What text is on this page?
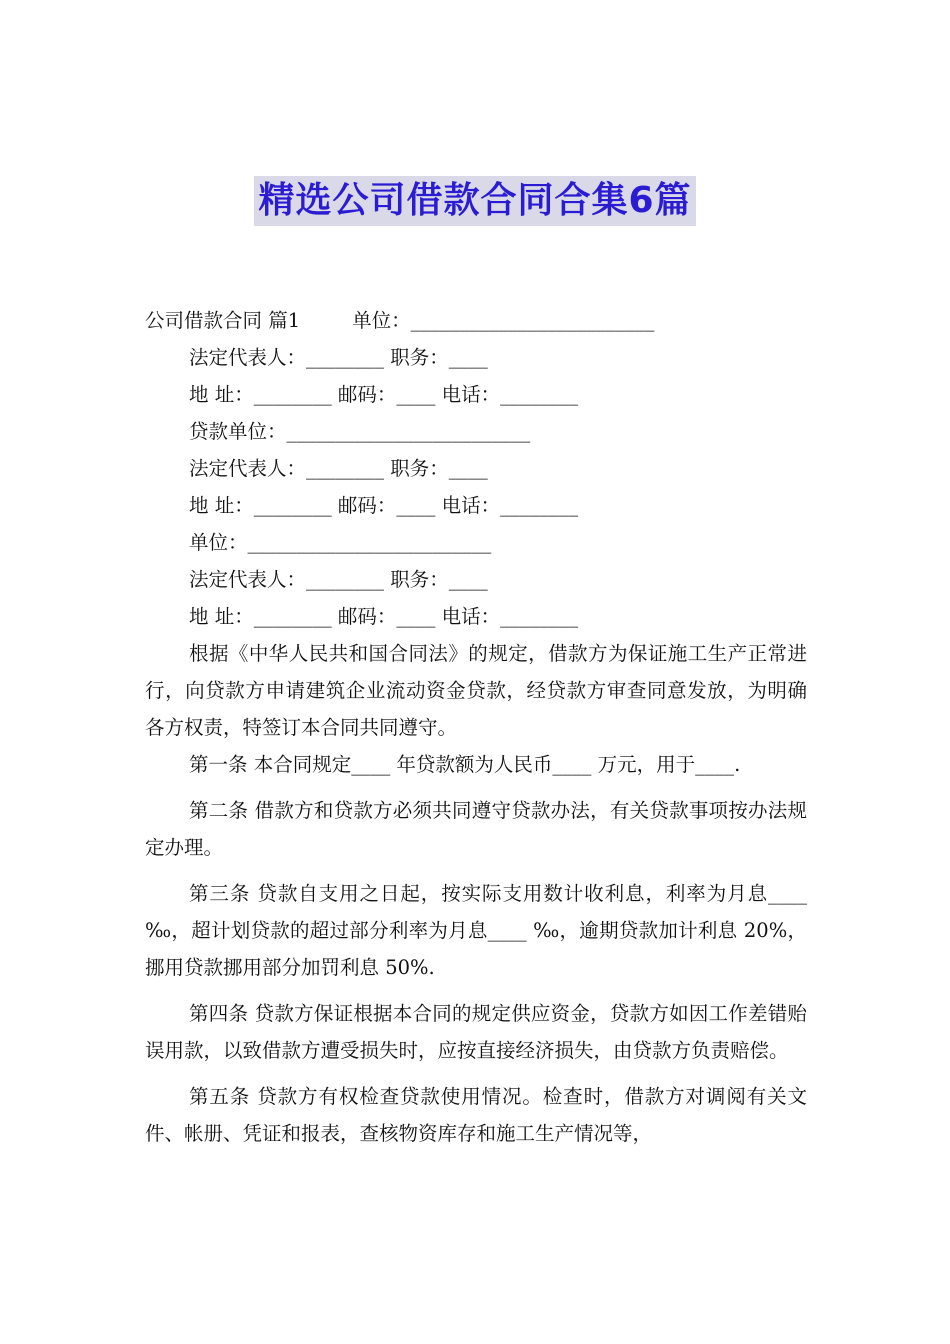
精选公司借款合同合集6篇
公司借款合同 篇1	单位：_________________________
法定代表人：________ 职务：____
地 址：________ 邮码：____ 电话：________
贷款单位：_________________________
法定代表人：________ 职务：____
地 址：________ 邮码：____ 电话：________
单位：_________________________
法定代表人：________ 职务：____
地 址：________ 邮码：____ 电话：________

根据《中华人民共和国合同法》的规定，借款方为保证施工生产正常进行，向贷款方申请建筑企业流动资金贷款，经贷款方审查同意发放，为明确各方权责，特签订本合同共同遵守。

第一条 本合同规定____ 年贷款额为人民币____ 万元，用于____.

第二条 借款方和贷款方必须共同遵守贷款办法，有关贷款事项按办法规定办理。

第三条 贷款自支用之日起，按实际支用数计收利息，利率为月息____ ‰，超计划贷款的超过部分利率为月息____ ‰，逾期贷款加计利息 20%，挪用贷款挪用部分加罚利息 50%.

第四条 贷款方保证根据本合同的规定供应资金，贷款方如因工作差错贻误用款，以致借款方遭受损失时，应按直接经济损失，由贷款方负责赔偿。

第五条 贷款方有权检查贷款使用情况。检查时，借款方对调阅有关文件、帐册、凭证和报表，查核物资库存和施工生产情况等，
